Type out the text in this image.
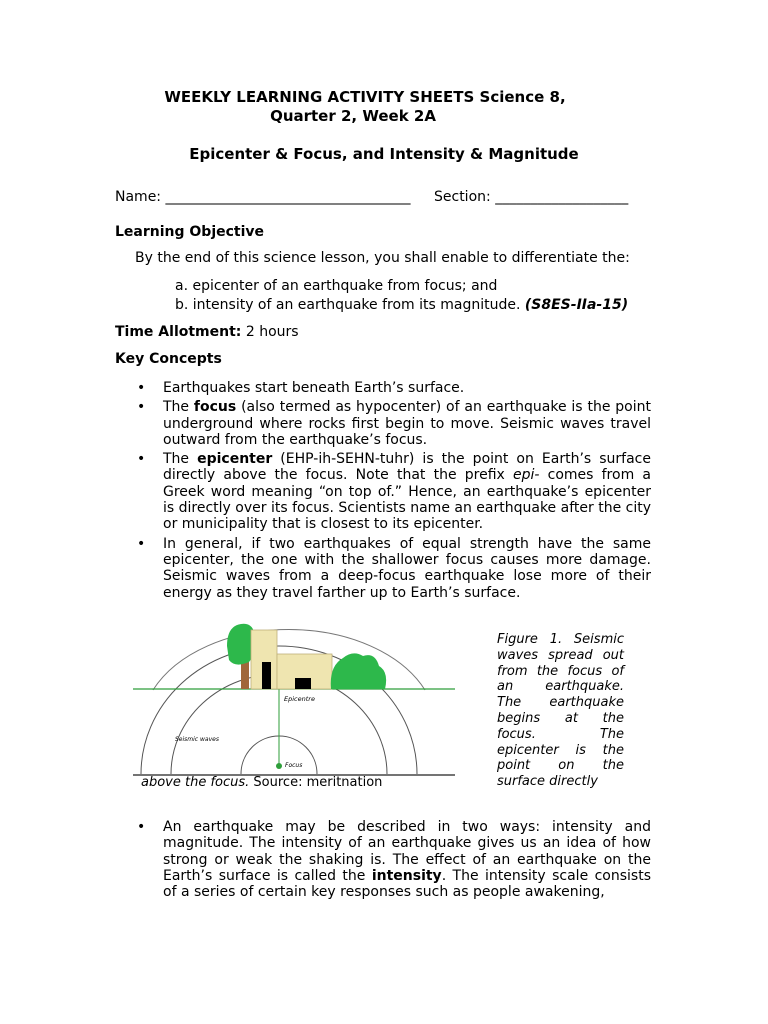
WEEKLY LEARNING ACTIVITY SHEETS Science 8,
Quarter 2, Week 2A
Epicenter & Focus, and Intensity & Magnitude
Name: ___________________________________ Section: ___________________
Learning Objective
By the end of this science lesson, you shall enable to differentiate the:
a. epicenter of an earthquake from focus; and
b. intensity of an earthquake from its magnitude. (S8ES-IIa-15)
Time Allotment: 2 hours
Key Concepts
• Earthquakes start beneath Earth’s surface.
• The focus (also termed as hypocenter) of an earthquake is the point underground where rocks first begin to move. Seismic waves travel outward from the earthquake’s focus.
• The epicenter (EHP-ih-SEHN-tuhr) is the point on Earth’s surface directly above the focus. Note that the prefix epi- comes from a Greek word meaning “on top of.” Hence, an earthquake’s epicenter is directly over its focus. Scientists name an earthquake after the city or municipality that is closest to its epicenter.
• In general, if two earthquakes of equal strength have the same epicenter, the one with the shallower focus causes more damage. Seismic waves from a deep-focus earthquake lose more of their energy as they travel farther up to Earth’s surface.
Epicentre
Seismic waves
Focus
Figure 1. Seismic waves spread out from the focus of an earthquake. The earthquake begins at the focus. The epicenter is the point on the surface directly
above the focus. Source: meritnation
• An earthquake may be described in two ways: intensity and magnitude. The intensity of an earthquake gives us an idea of how strong or weak the shaking is. The effect of an earthquake on the Earth’s surface is called the intensity. The intensity scale consists of a series of certain key responses such as people awakening,
